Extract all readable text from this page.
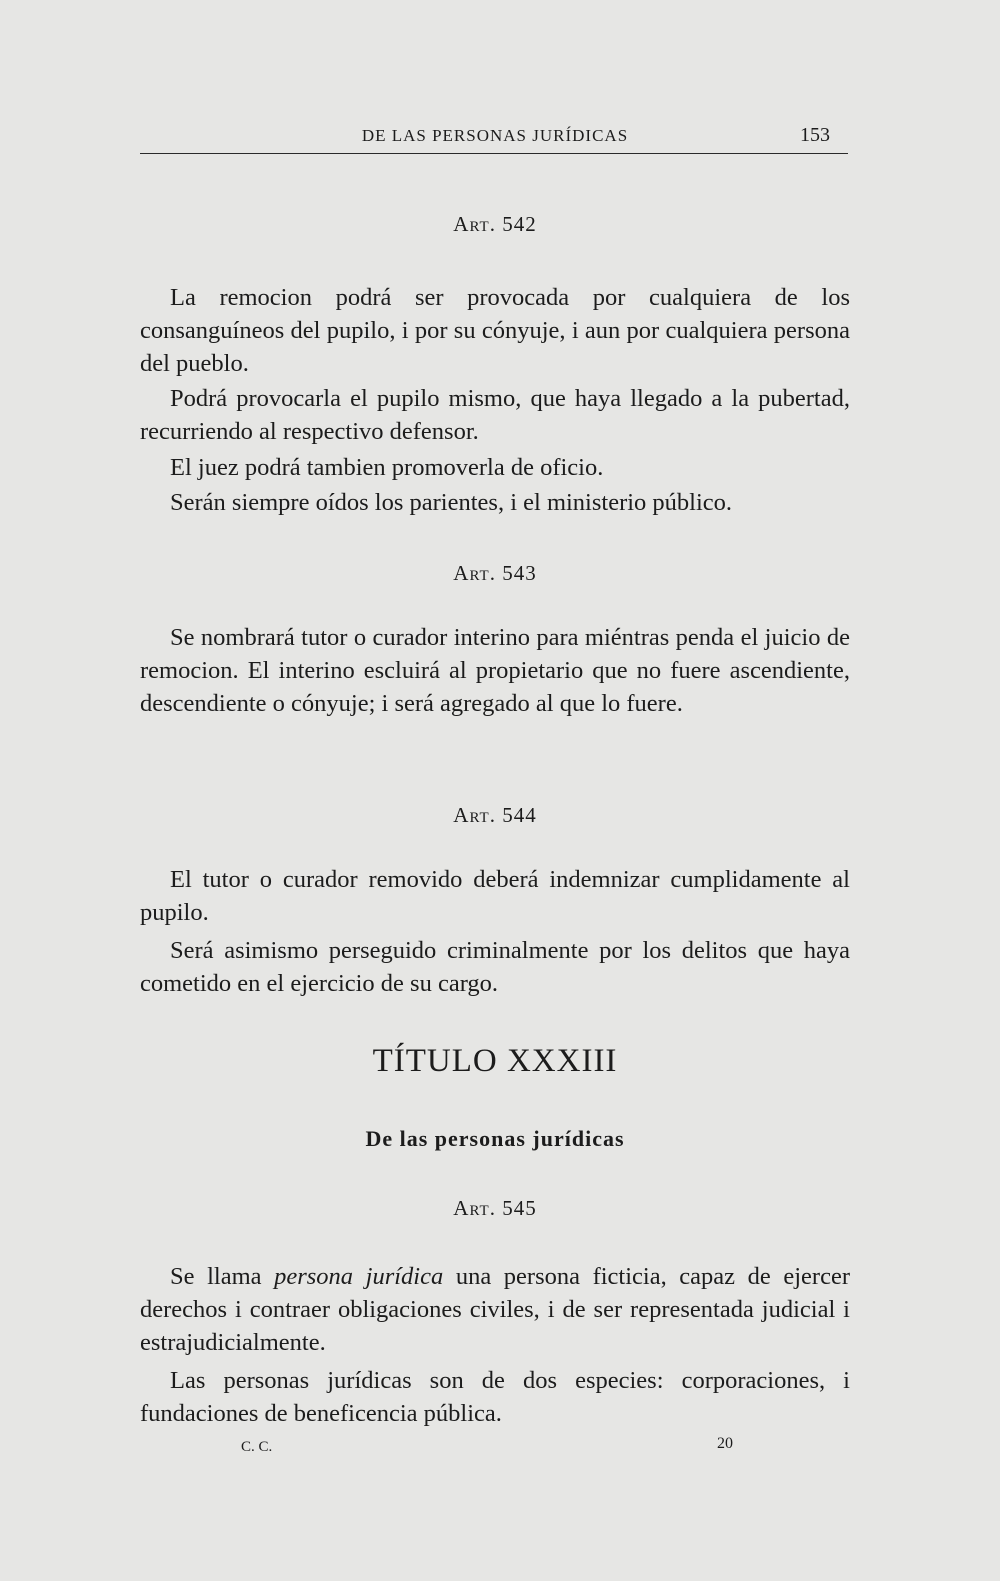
DE LAS PERSONAS JURÍDICAS	153
Art. 542

La remocion podrá ser provocada por cualquiera de los consanguíneos del pupilo, i por su cónyuje, i aun por cualquiera persona del pueblo.

Podrá provocarla el pupilo mismo, que haya llegado a la pubertad, recurriendo al respectivo defensor.

El juez podrá tambien promoverla de oficio.

Serán siempre oídos los parientes, i el ministerio público.

Art. 543

Se nombrará tutor o curador interino para miéntras penda el juicio de remocion. El interino escluirá al propietario que no fuere ascendiente, descendiente o cónyuje; i será agregado al que lo fuere.

Art. 544

El tutor o curador removido deberá indemnizar cumplidamente al pupilo.

Será asimismo perseguido criminalmente por los delitos que haya cometido en el ejercicio de su cargo.

TÍTULO XXXIII
De las personas jurídicas
Art. 545

Se llama persona jurídica una persona ficticia, capaz de ejercer derechos i contraer obligaciones civiles, i de ser representada judicial i estrajudicialmente.

Las personas jurídicas son de dos especies: corporaciones, i fundaciones de beneficencia pública.

C. C.	20
